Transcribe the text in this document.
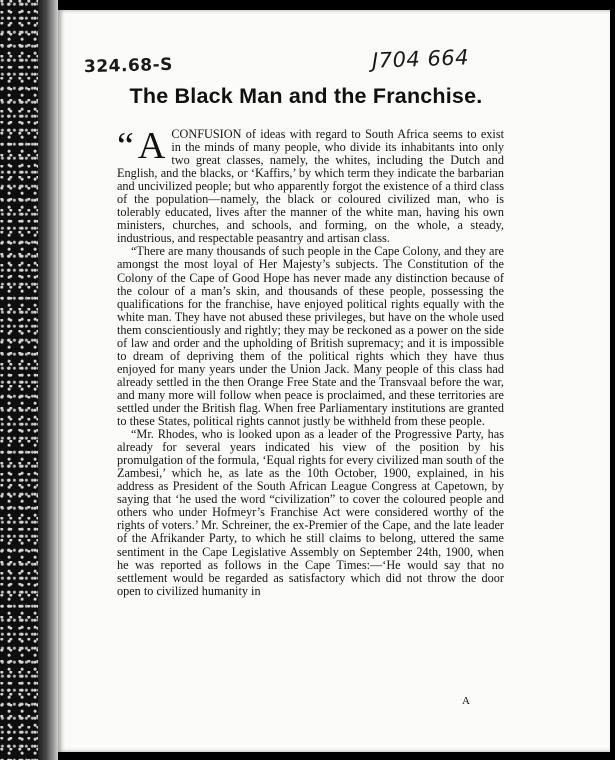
324.68-S	J704 664
The Black Man and the Franchise.

“ A CONFUSION of ideas with regard to South Africa seems to exist in the minds of many people, who divide its inhabitants into only two great classes, namely, the whites, including the Dutch and English, and the blacks, or ‘Kaffirs,’ by which term they indicate the barbarian and uncivilized people; but who apparently forgot the existence of a third class of the population—namely, the black or coloured civilized man, who is tolerably educated, lives after the manner of the white man, having his own ministers, churches, and schools, and forming, on the whole, a steady, industrious, and respectable peasantry and artisan class.

“There are many thousands of such people in the Cape Colony, and they are amongst the most loyal of Her Majesty’s subjects. The Constitution of the Colony of the Cape of Good Hope has never made any distinction because of the colour of a man’s skin, and thousands of these people, possessing the qualifications for the franchise, have enjoyed political rights equally with the white man. They have not abused these privileges, but have on the whole used them conscientiously and rightly; they may be reckoned as a power on the side of law and order and the upholding of British supremacy; and it is impossible to dream of depriving them of the political rights which they have thus enjoyed for many years under the Union Jack. Many people of this class had already settled in the then Orange Free State and the Transvaal before the war, and many more will follow when peace is proclaimed, and these territories are settled under the British flag. When free Parliamentary institutions are granted to these States, political rights cannot justly be withheld from these people.

“Mr. Rhodes, who is looked upon as a leader of the Progressive Party, has already for several years indicated his view of the position by his promulgation of the formula, ‘Equal rights for every civilized man south of the Zambesi,’ which he, as late as the 10th October, 1900, explained, in his address as President of the South African League Congress at Capetown, by saying that ‘he used the word “civilization” to cover the coloured people and others who under Hofmeyr’s Franchise Act were considered worthy of the rights of voters.’ Mr. Schreiner, the ex-Premier of the Cape, and the late leader of the Afrikander Party, to which he still claims to belong, uttered the same sentiment in the Cape Legislative Assembly on September 24th, 1900, when he was reported as follows in the Cape Times:—‘He would say that no settlement would be regarded as satisfactory which did not throw the door open to civilized humanity in

A
